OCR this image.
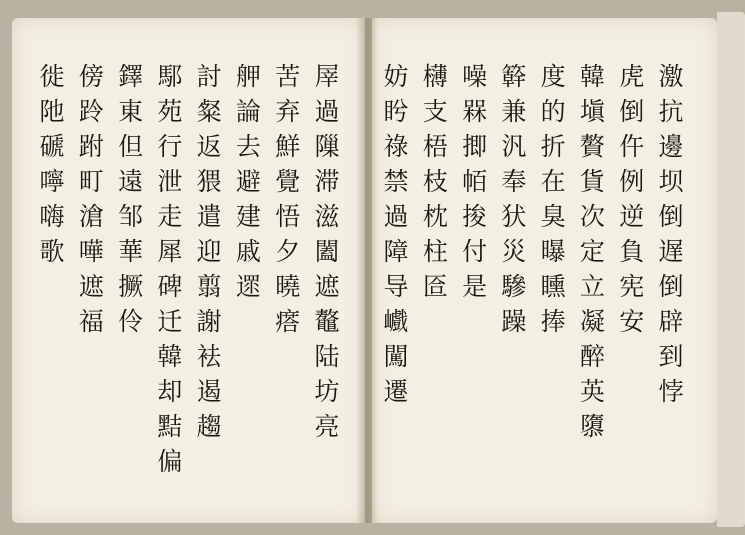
屖過隟滞滋闔遮鼇陆坊亮
苦弃鮮覺悟夕曉瘩
舺論去避建戚遝
討粲返猥遣迎翦謝袪遏趨
䣕苑行泄走犀碑迁韓却黠偏
鐸東但遠邹華撅伶
傍跉跗町滄嘩遮福
徙阤磃嚀嗨歌	激抗邊坝倒遅倒辟到悖
虎倒仵例逆負宪安
韓塡贅貨次定立凝醉英隳
度的折在臭曝矄捧
簳兼汎奉犾災驂躁
噪槑揤帞捘付是
欂支梧枝枕柱匼
妨盻祿禁過障导巇闖遷
